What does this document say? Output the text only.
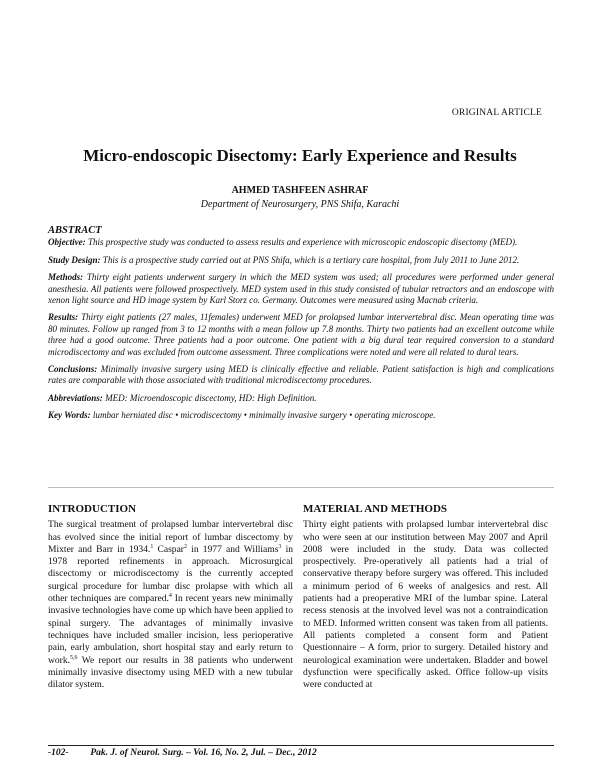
ORIGINAL ARTICLE
Micro-endoscopic Disectomy: Early Experience and Results
AHMED TASHFEEN ASHRAF
Department of Neurosurgery, PNS Shifa, Karachi
ABSTRACT

Objective: This prospective study was conducted to assess results and experience with microscopic endoscopic disectomy (MED).

Study Design: This is a prospective study carried out at PNS Shifa, which is a tertiary care hospital, from July 2011 to June 2012.

Methods: Thirty eight patients underwent surgery in which the MED system was used; all procedures were performed under general anesthesia. All patients were followed prospectively. MED system used in this study consisted of tubular retractors and an endoscope with xenon light source and HD image system by Karl Storz co. Germany. Outcomes were measured using Macnab criteria.

Results: Thirty eight patients (27 males, 11females) underwent MED for prolapsed lumbar intervertebral disc. Mean operating time was 80 minutes. Follow up ranged from 3 to 12 months with a mean follow up 7.8 months. Thirty two patients had an excellent outcome while three had a good outcome. Three patients had a poor outcome. One patient with a big dural tear required conversion to a standard microdiscectomy and was excluded from outcome assessment. Three complications were noted and were all related to dural tears.

Conclusions: Minimally invasive surgery using MED is clinically effective and reliable. Patient satisfaction is high and complications rates are comparable with those associated with traditional microdiscectomy procedures.

Abbreviations: MED: Microendoscopic discectomy, HD: High Definition.

Key Words: lumbar herniated disc • microdiscectomy • minimally invasive surgery • operating microscope.

INTRODUCTION

The surgical treatment of prolapsed lumbar intervertebral disc has evolved since the initial report of lumbar discectomy by Mixter and Barr in 1934.$^1$ Caspar$^2$ in 1977 and Williams$^3$ in 1978 reported refinements in approach. Microsurgical discectomy or microdiscectomy is the currently accepted surgical procedure for lumbar disc prolapse with which all other techniques are compared.$^4$ In recent years new minimally invasive technologies have come up which have been applied to spinal surgery. The advantages of minimally invasive techniques have included smaller incision, less perioperative pain, early ambulation, short hospital stay and early return to work.$^{5,6}$ We report our results in 38 patients who underwent minimally invasive disectomy using MED with a new tubular dilator system.

MATERIAL AND METHODS

Thirty eight patients with prolapsed lumbar intervertebral disc who were seen at our institution between May 2007 and April 2008 were included in the study. Data was collected prospectively. Pre-operatively all patients had a trial of conservative therapy before surgery was offered. This included a minimum period of 6 weeks of analgesics and rest. All patients had a preoperative MRI of the lumbar spine. Lateral recess stenosis at the involved level was not a contraindication to MED. Informed written consent was taken from all patients. All patients completed a consent form and Patient Questionnaire – A form, prior to surgery. Detailed history and neurological examination were undertaken. Bladder and bowel dysfunction were specifically asked. Office follow-up visits were conducted at

-102- Pak. J. of Neurol. Surg. – Vol. 16, No. 2, Jul. – Dec., 2012
